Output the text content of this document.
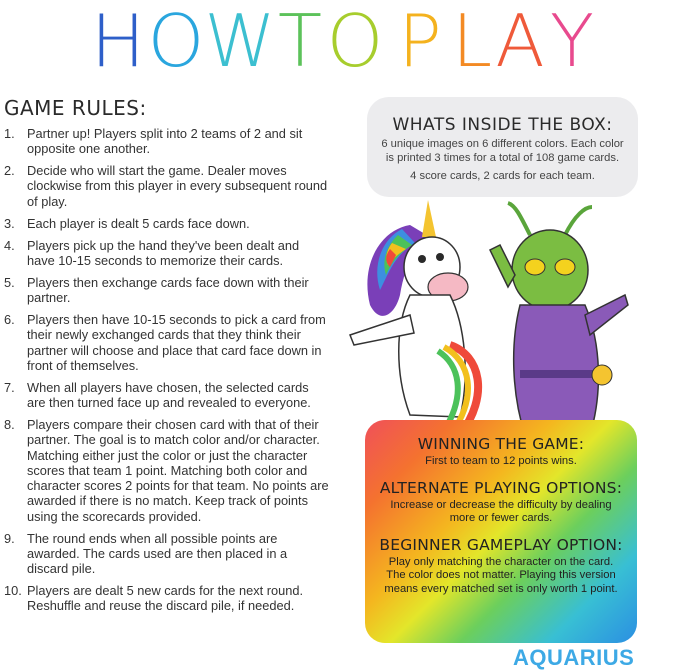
H O W T O P L A Y
GAME RULES:
1. Partner up! Players split into 2 teams of 2 and sit opposite one another.
2. Decide who will start the game. Dealer moves clockwise from this player in every subsequent round of play.
3. Each player is dealt 5 cards face down.
4. Players pick up the hand they've been dealt and have 10-15 seconds to memorize their cards.
5. Players then exchange cards face down with their partner.
6. Players then have 10-15 seconds to pick a card from their newly exchanged cards that they think their partner will choose and place that card face down in front of themselves.
7. When all players have chosen, the selected cards are then turned face up and revealed to everyone.
8. Players compare their chosen card with that of their partner. The goal is to match color and/or character. Matching either just the color or just the character scores that team 1 point. Matching both color and character scores 2 points for that team. No points are awarded if there is no match. Keep track of points using the scorecards provided.
9. The round ends when all possible points are awarded. The cards used are then placed in a discard pile.
10. Players are dealt 5 new cards for the next round. Reshuffle and reuse the discard pile, if needed.
WHATS INSIDE THE BOX:
6 unique images on 6 different colors. Each color is printed 3 times for a total of 108 game cards.
4 score cards, 2 cards for each team.
WINNING THE GAME:
First to team to 12 points wins.
ALTERNATE PLAYING OPTIONS:
Increase or decrease the difficulty by dealing more or fewer cards.
BEGINNER GAMEPLAY OPTION:
Play only matching the character on the card. The color does not matter. Playing this version means every matched set is only worth 1 point.
AQUARIUS
